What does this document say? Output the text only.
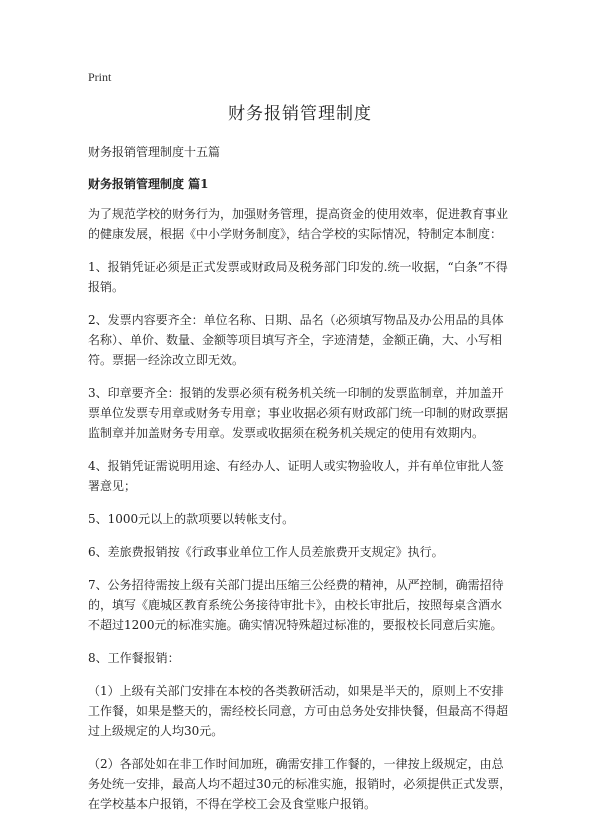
Print
财务报销管理制度

财务报销管理制度十五篇

财务报销管理制度 篇1

为了规范学校的财务行为，加强财务管理，提高资金的使用效率，促进教育事业的健康发展，根据《中小学财务制度》，结合学校的实际情况，特制定本制度：

1、报销凭证必须是正式发票或财政局及税务部门印发的.统一收据，“白条”不得报销。

2、发票内容要齐全：单位名称、日期、品名（必须填写物品及办公用品的具体名称）、单价、数量、金额等项目填写齐全，字迹清楚，金额正确，大、小写相符。票据一经涂改立即无效。

3、印章要齐全：报销的发票必须有税务机关统一印制的发票监制章，并加盖开票单位发票专用章或财务专用章；事业收据必须有财政部门统一印制的财政票据监制章并加盖财务专用章。发票或收据须在税务机关规定的使用有效期内。

4、报销凭证需说明用途、有经办人、证明人或实物验收人，并有单位审批人签署意见；

5、1000元以上的款项要以转帐支付。

6、差旅费报销按《行政事业单位工作人员差旅费开支规定》执行。

7、公务招待需按上级有关部门提出压缩三公经费的精神，从严控制，确需招待的，填写《鹿城区教育系统公务接待审批卡》，由校长审批后，按照每桌含酒水不超过1200元的标准实施。确实情况特殊超过标准的，要报校长同意后实施。

8、工作餐报销：

（1）上级有关部门安排在本校的各类教研活动，如果是半天的，原则上不安排工作餐，如果是整天的，需经校长同意，方可由总务处安排快餐，但最高不得超过上级规定的人均30元。

（2）各部处如在非工作时间加班，确需安排工作餐的，一律按上级规定，由总务处统一安排，最高人均不超过30元的标准实施，报销时，必须提供正式发票，在学校基本户报销，不得在学校工会及食堂账户报销。
